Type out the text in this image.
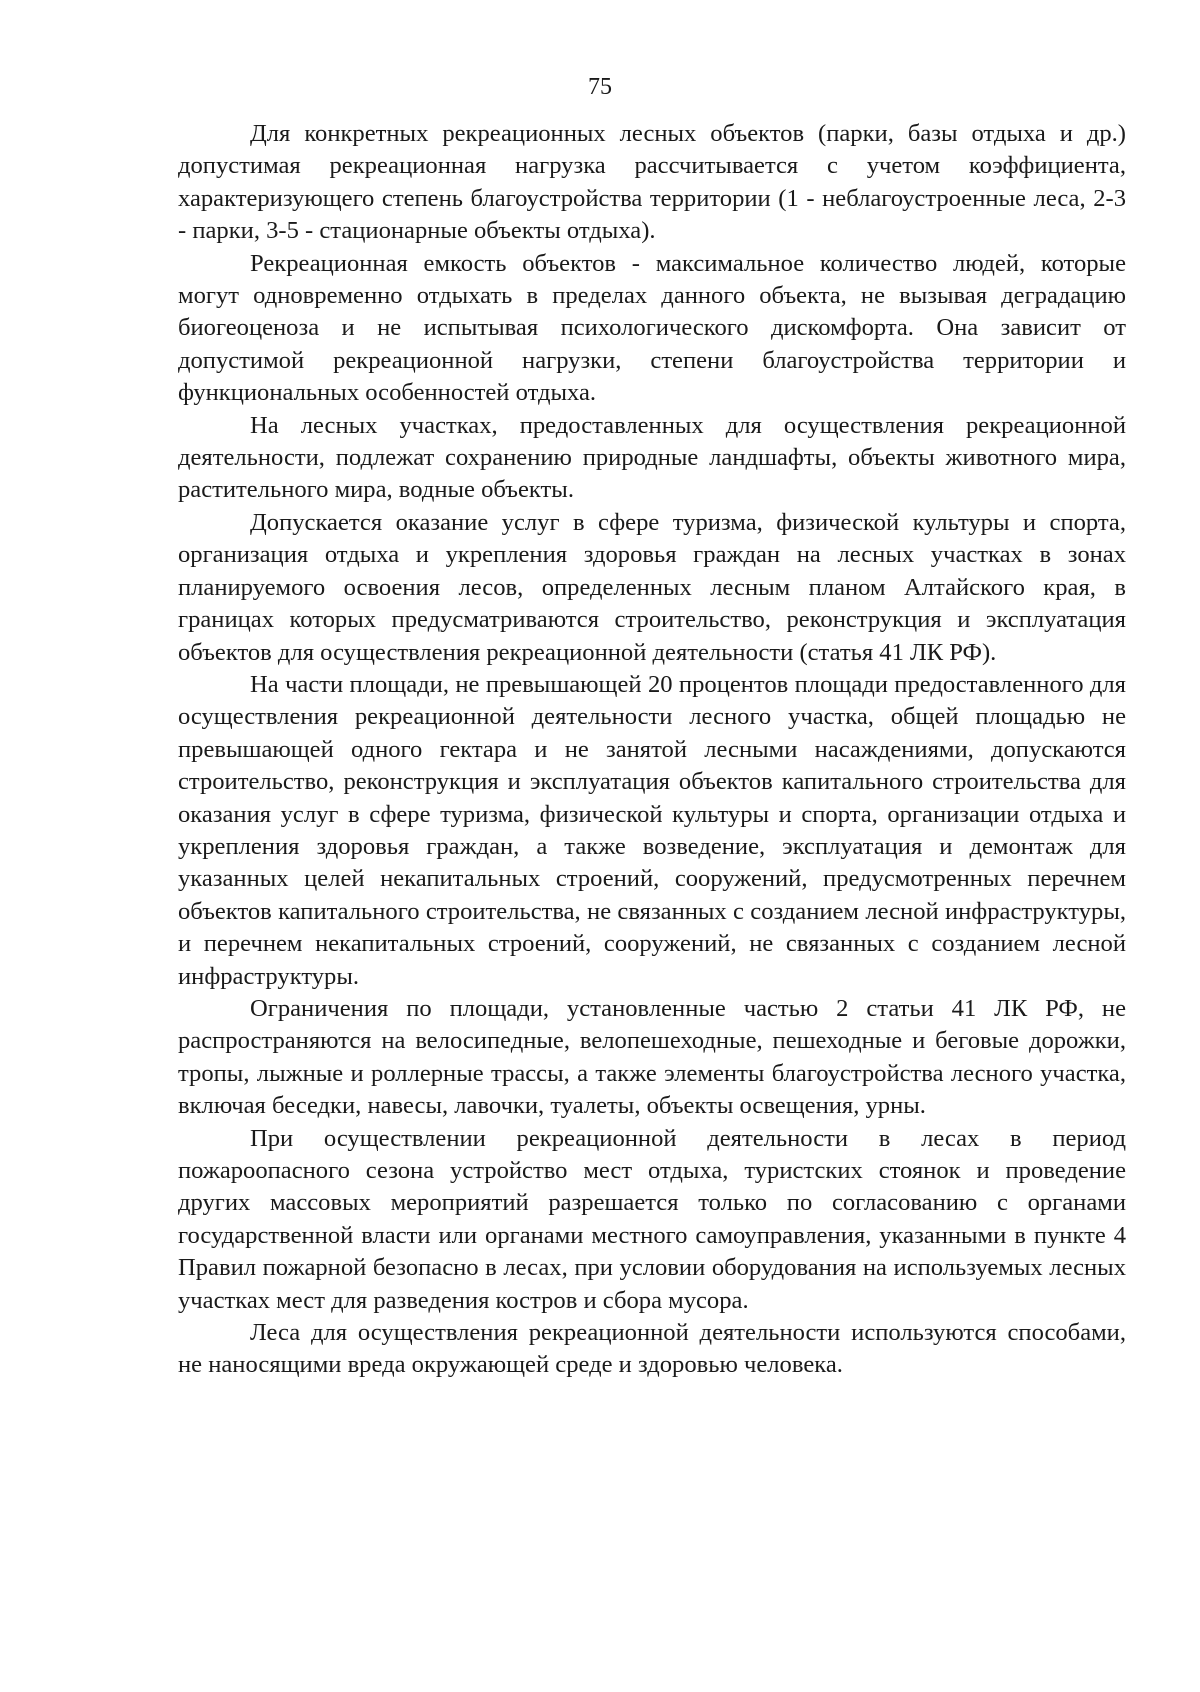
75

Для конкретных рекреационных лесных объектов (парки, базы отдыха и др.) допустимая рекреационная нагрузка рассчитывается с учетом коэффициента, характеризующего степень благоустройства территории (1 - неблагоустроенные леса, 2-3 - парки, 3-5 - стационарные объекты отдыха).

Рекреационная емкость объектов - максимальное количество людей, которые могут одновременно отдыхать в пределах данного объекта, не вызывая деградацию биогеоценоза и не испытывая психологического дискомфорта. Она зависит от допустимой рекреационной нагрузки, степени благоустройства территории и функциональных особенностей отдыха.

На лесных участках, предоставленных для осуществления рекреационной деятельности, подлежат сохранению природные ландшафты, объекты животного мира, растительного мира, водные объекты.

Допускается оказание услуг в сфере туризма, физической культуры и спорта, организация отдыха и укрепления здоровья граждан на лесных участках в зонах планируемого освоения лесов, определенных лесным планом Алтайского края, в границах которых предусматриваются строительство, реконструкция и эксплуатация объектов для осуществления рекреационной деятельности (статья 41 ЛК РФ).

На части площади, не превышающей 20 процентов площади предоставленного для осуществления рекреационной деятельности лесного участка, общей площадью не превышающей одного гектара и не занятой лесными насаждениями, допускаются строительство, реконструкция и эксплуатация объектов капитального строительства для оказания услуг в сфере туризма, физической культуры и спорта, организации отдыха и укрепления здоровья граждан, а также возведение, эксплуатация и демонтаж для указанных целей некапитальных строений, сооружений, предусмотренных перечнем объектов капитального строительства, не связанных с созданием лесной инфраструктуры, и перечнем некапитальных строений, сооружений, не связанных с созданием лесной инфраструктуры.

Ограничения по площади, установленные частью 2 статьи 41 ЛК РФ, не распространяются на велосипедные, велопешеходные, пешеходные и беговые дорожки, тропы, лыжные и роллерные трассы, а также элементы благоустройства лесного участка, включая беседки, навесы, лавочки, туалеты, объекты освещения, урны.

При осуществлении рекреационной деятельности в лесах в период пожароопасного сезона устройство мест отдыха, туристских стоянок и проведение других массовых мероприятий разрешается только по согласованию с органами государственной власти или органами местного самоуправления, указанными в пункте 4 Правил пожарной безопасно в лесах, при условии оборудования на используемых лесных участках мест для разведения костров и сбора мусора.

Леса для осуществления рекреационной деятельности используются способами, не наносящими вреда окружающей среде и здоровью человека.
